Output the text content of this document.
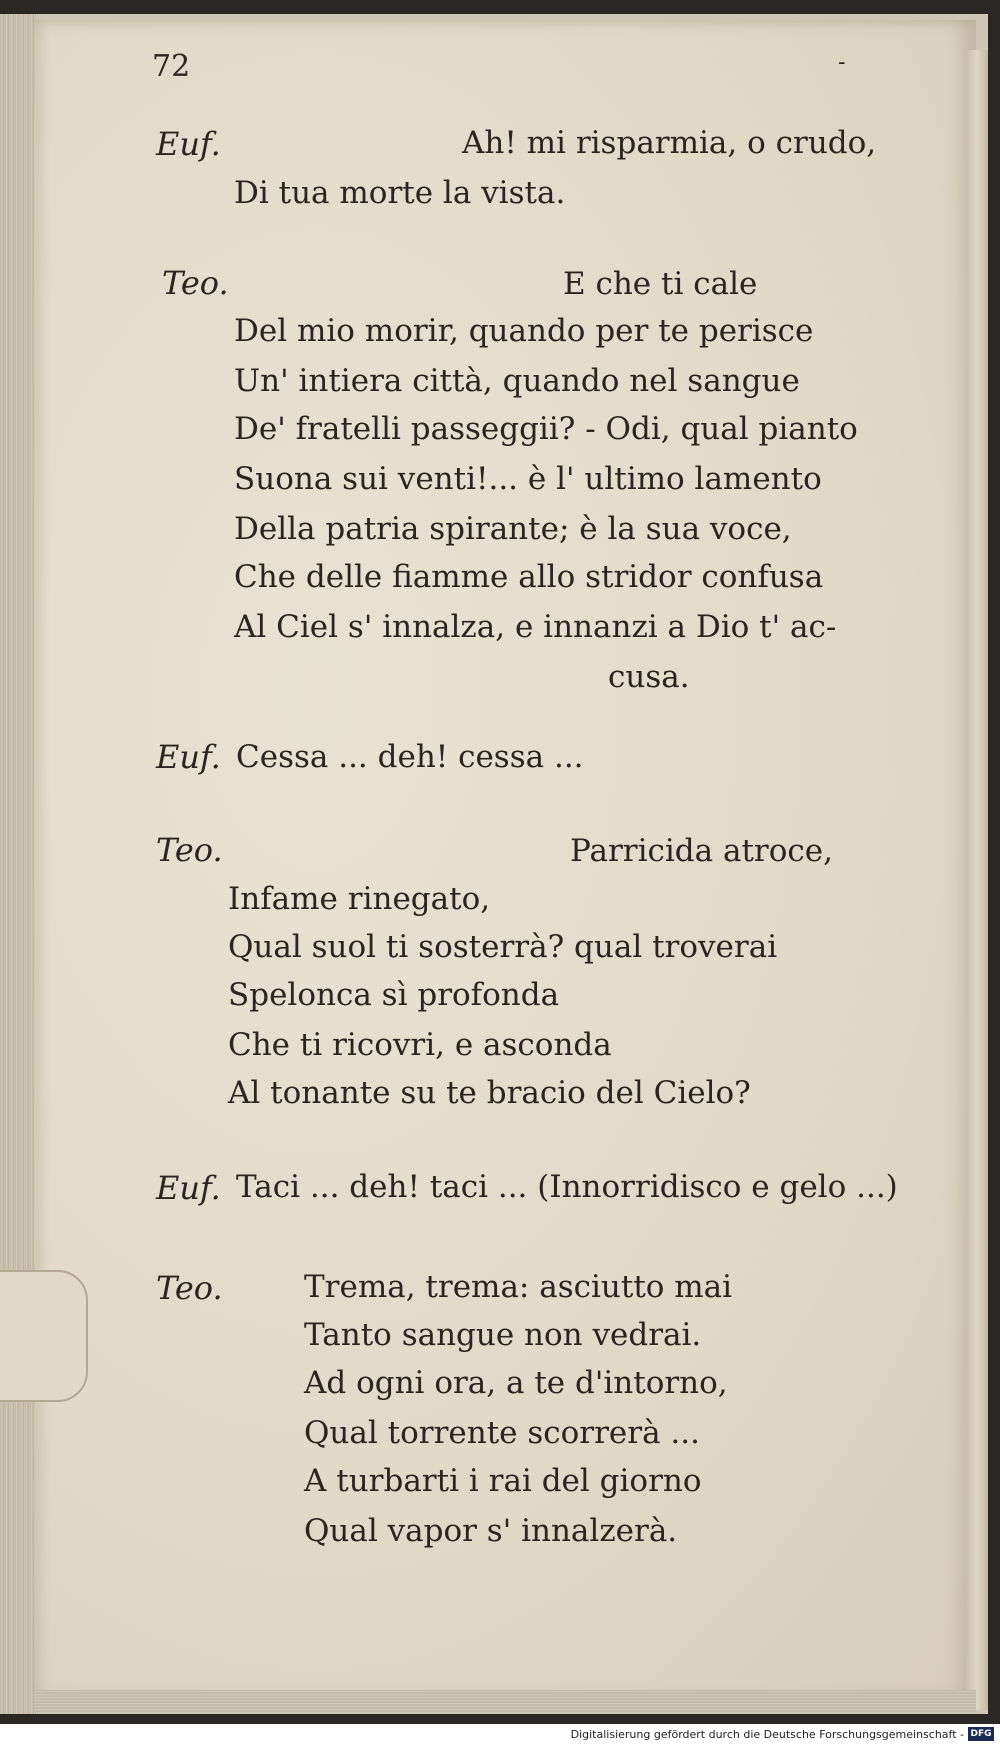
72	-
Euf.	Ah! mi risparmia, o crudo,
Di tua morte la vista.
Teo.	E che ti cale
Del mio morir, quando per te perisce
Un' intiera città, quando nel sangue
De' fratelli passeggii? - Odi, qual pianto
Suona sui venti!... è l' ultimo lamento
Della patria spirante; è la sua voce,
Che delle fiamme allo stridor confusa
Al Ciel s' innalza, e innanzi a Dio t' ac-
cusa.
Euf. Cessa ... deh! cessa ...
Teo.	Parricida atroce,
Infame rinegato,
Qual suol ti sosterrà? qual troverai
Spelonca sì profonda
Che ti ricovri, e asconda
Al tonante su te bracio del Cielo?
Euf. Taci ... deh! taci ... (Innorridisco e gelo ...)
Teo.	Trema, trema: asciutto mai
Tanto sangue non vedrai.
Ad ogni ora, a te d'intorno,
Qual torrente scorrerà ...
A turbarti i rai del giorno
Qual vapor s' innalzerà.
Digitalisierung gefördert durch die Deutsche Forschungsgemeinschaft - DFG
